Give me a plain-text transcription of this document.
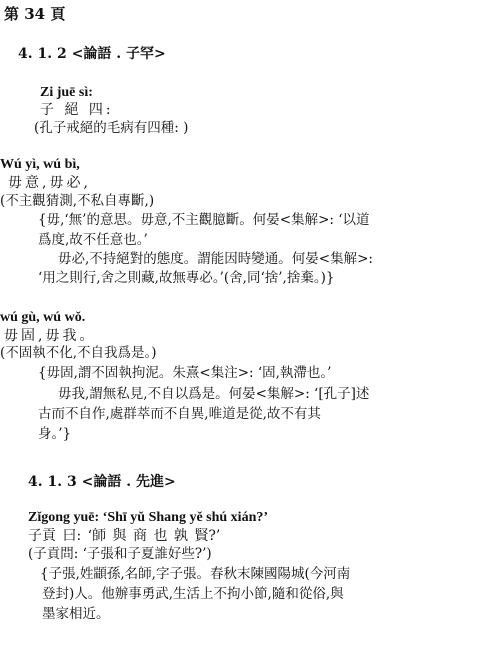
第 34 頁
4. 1. 2 <論語 . 子罕>
Zi juē sì:
子 絕 四:
(孔子戒絕的毛病有四種: )
Wú yì, wú bì,
毋意,毋必,
(不主觀猜測,不私自專斷,)
{毋,‘無’的意思。毋意,不主觀臆斷。何晏<集解>: ‘以道
爲度,故不任意也。’
毋必,不持絕對的態度。謂能因時變通。何晏<集解>:
‘用之則行,舍之則藏,故無專必。’(舍,同‘捨’,捨棄。)}
wú gù, wú wǒ.
毋固,毋我。
(不固執不化,不自我爲是。)
{毋固,謂不固執拘泥。朱熹<集注>: ‘固,執滯也。’
毋我,謂無私見,不自以爲是。何晏<集解>: ‘[孔子]述
古而不自作,處群萃而不自異,唯道是從,故不有其
身。’}
4. 1. 3 <論語 . 先進>
Zǐgong yuē: ‘Shī yǔ Shang yě shú xián?’
子貢 曰: ‘師 與 商 也 孰 賢?’
(子貢問: ‘子張和子夏誰好些?’)
{子張,姓顓孫,名師,字子張。春秋末陳國陽城(今河南
登封)人。他辦事勇武,生活上不拘小節,隨和從俗,與
墨家相近。
